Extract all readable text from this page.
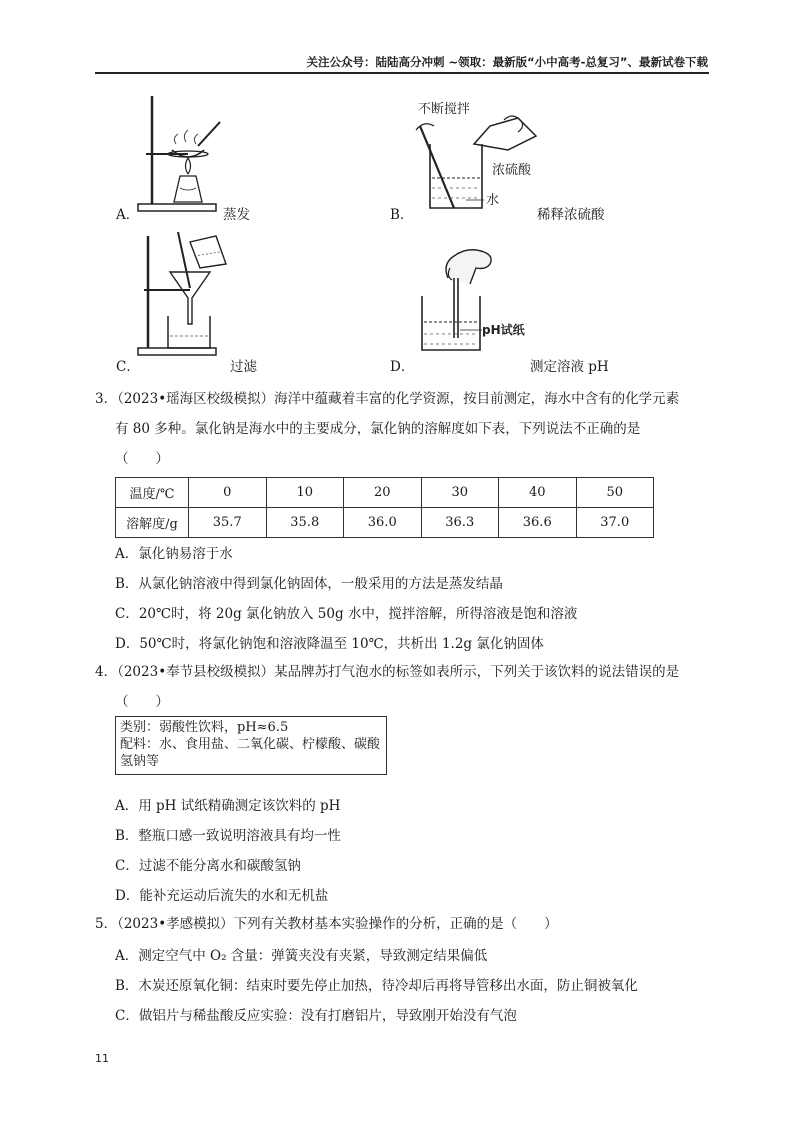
关注公众号：陆陆高分冲刺 ~领取：最新版“小中高考-总复习”、最新试卷下载
A．	蒸发
不断搅拌
浓硫酸
水
B．	稀释浓硫酸
C．	过滤
pH试纸
D．	测定溶液 pH
3．（2023•瑶海区校级模拟）海洋中蕴藏着丰富的化学资源，按目前测定，海水中含有的化学元素
有 80 多种。氯化钠是海水中的主要成分，氯化钠的溶解度如下表，下列说法不正确的是
（　　）
温度/℃	0	10	20	30	40	50
溶解度/g	35.7	35.8	36.0	36.3	36.6	37.0
A．氯化钠易溶于水
B．从氯化钠溶液中得到氯化钠固体，一般采用的方法是蒸发结晶
C．20℃时，将 20g 氯化钠放入 50g 水中，搅拌溶解，所得溶液是饱和溶液
D．50℃时，将氯化钠饱和溶液降温至 10℃，共析出 1.2g 氯化钠固体
4．（2023•奉节县校级模拟）某品牌苏打气泡水的标签如表所示，下列关于该饮料的说法错误的是
（　　）
类别：弱酸性饮料，pH≈6.5
配料：水、食用盐、二氧化碳、柠檬酸、碳酸氢钠等
A．用 pH 试纸精确测定该饮料的 pH
B．整瓶口感一致说明溶液具有均一性
C．过滤不能分离水和碳酸氢钠
D．能补充运动后流失的水和无机盐
5．（2023•孝感模拟）下列有关教材基本实验操作的分析，正确的是（　　）
A．测定空气中 O₂ 含量：弹簧夹没有夹紧，导致测定结果偏低
B．木炭还原氧化铜：结束时要先停止加热，待冷却后再将导管移出水面，防止铜被氧化
C．做铝片与稀盐酸反应实验：没有打磨铝片，导致刚开始没有气泡
11
